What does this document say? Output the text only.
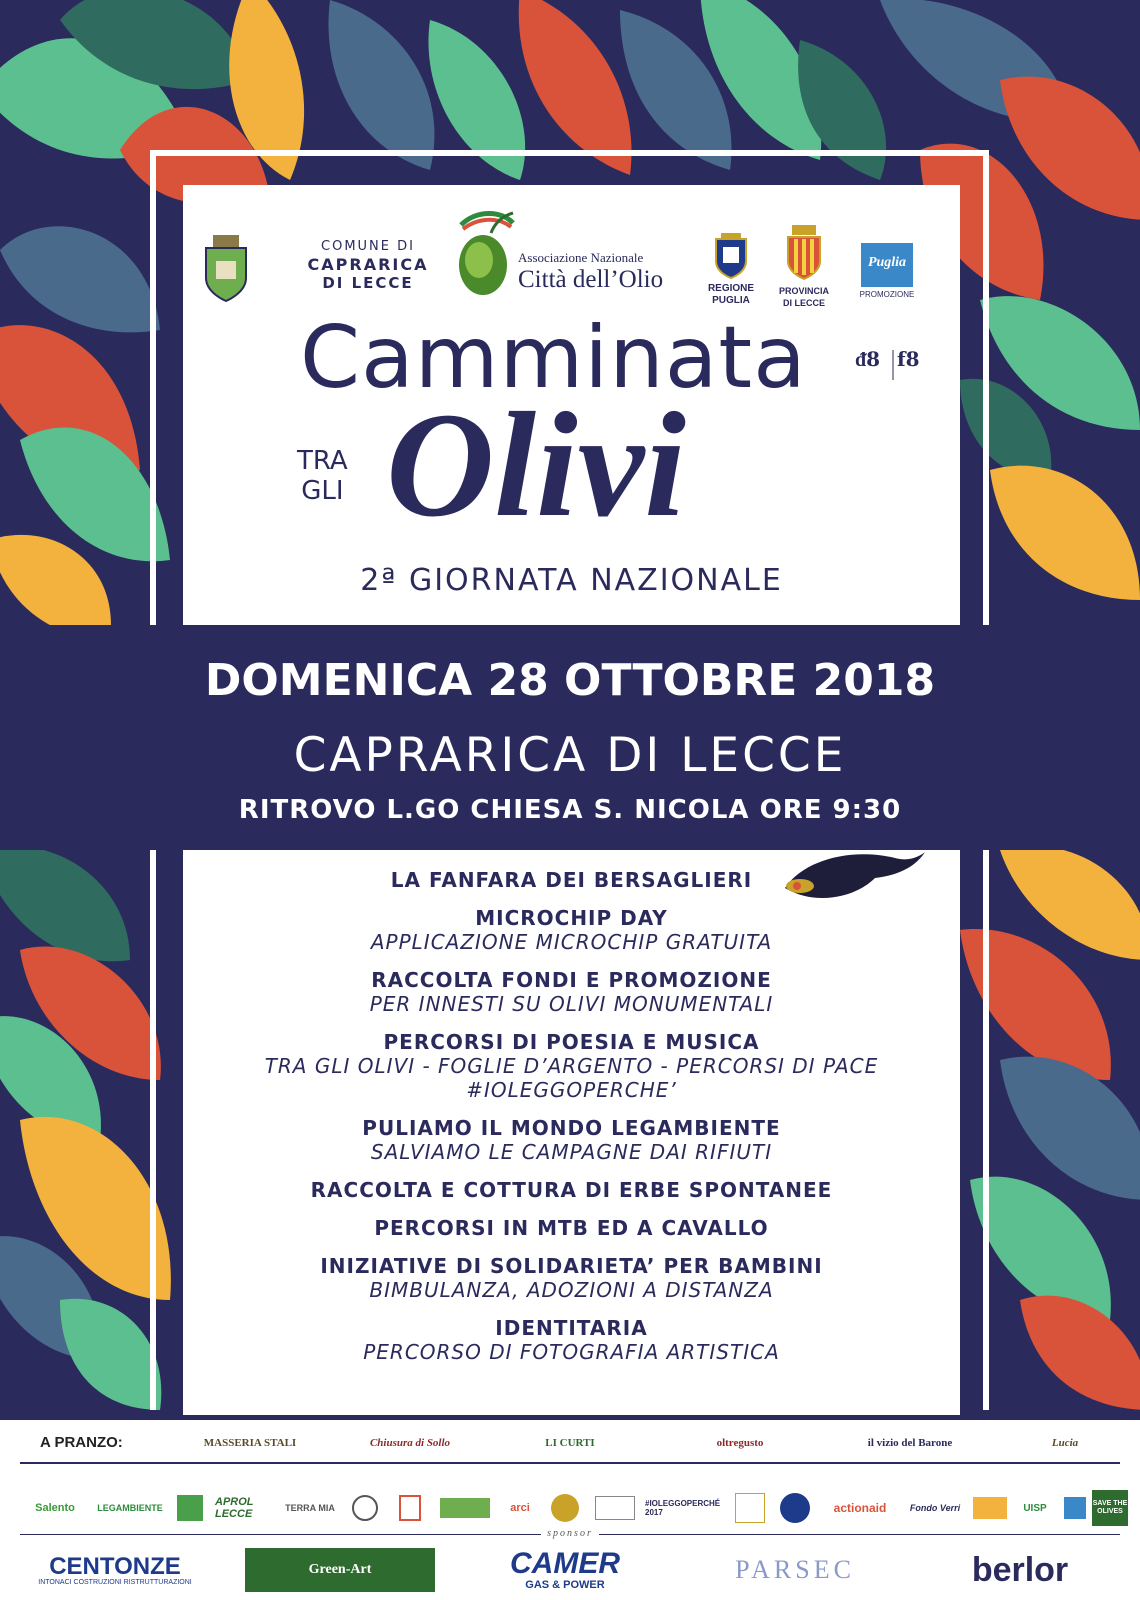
COMUNE DI
CAPRARICA
DI LECCE
Associazione Nazionale
Città dell’Olio	REGIONE
PUGLIA
PROVINCIA
DI LECCE
Puglia
PROMOZIONE
Camminata ᵭ8 f8
TRA
GLI Olivi
2ª GIORNATA NAZIONALE
DOMENICA 28 OTTOBRE 2018
CAPRARICA DI LECCE
RITROVO L.GO CHIESA S. NICOLA ORE 9:30
LA FANFARA DEI BERSAGLIERI
MICROCHIP DAY
APPLICAZIONE MICROCHIP GRATUITA
RACCOLTA FONDI E PROMOZIONE
PER INNESTI SU OLIVI MONUMENTALI
PERCORSI DI POESIA E MUSICA
TRA GLI OLIVI - FOGLIE D’ARGENTO - PERCORSI DI PACE
#IOLEGGOPERCHE’
PULIAMO IL MONDO LEGAMBIENTE
SALVIAMO LE CAMPAGNE DAI RIFIUTI
RACCOLTA E COTTURA DI ERBE SPONTANEE
PERCORSI IN MTB ED A CAVALLO
INIZIATIVE DI SOLIDARIETA’ PER BAMBINI
BIMBULANZA, ADOZIONI A DISTANZA
IDENTITARIA
PERCORSO DI FOTOGRAFIA ARTISTICA
A PRANZO:	MASSERIA STALI	Chiusura di Sollo	LI CURTI	oltregusto	il vizio del Barone	Lucia
Salento	LEGAMBIENTE	APROL LECCE	TERRA MIA	arci	#IOLEGGOPERCHÉ 2017	actionaid	Fondo Verri	UISP	SAVE THE OLIVES
sponsor
CENTONZE
INTONACI COSTRUZIONI RISTRUTTURAZIONI
Green-Art	CAMER
GAS & POWER
PARSEC	berlor
